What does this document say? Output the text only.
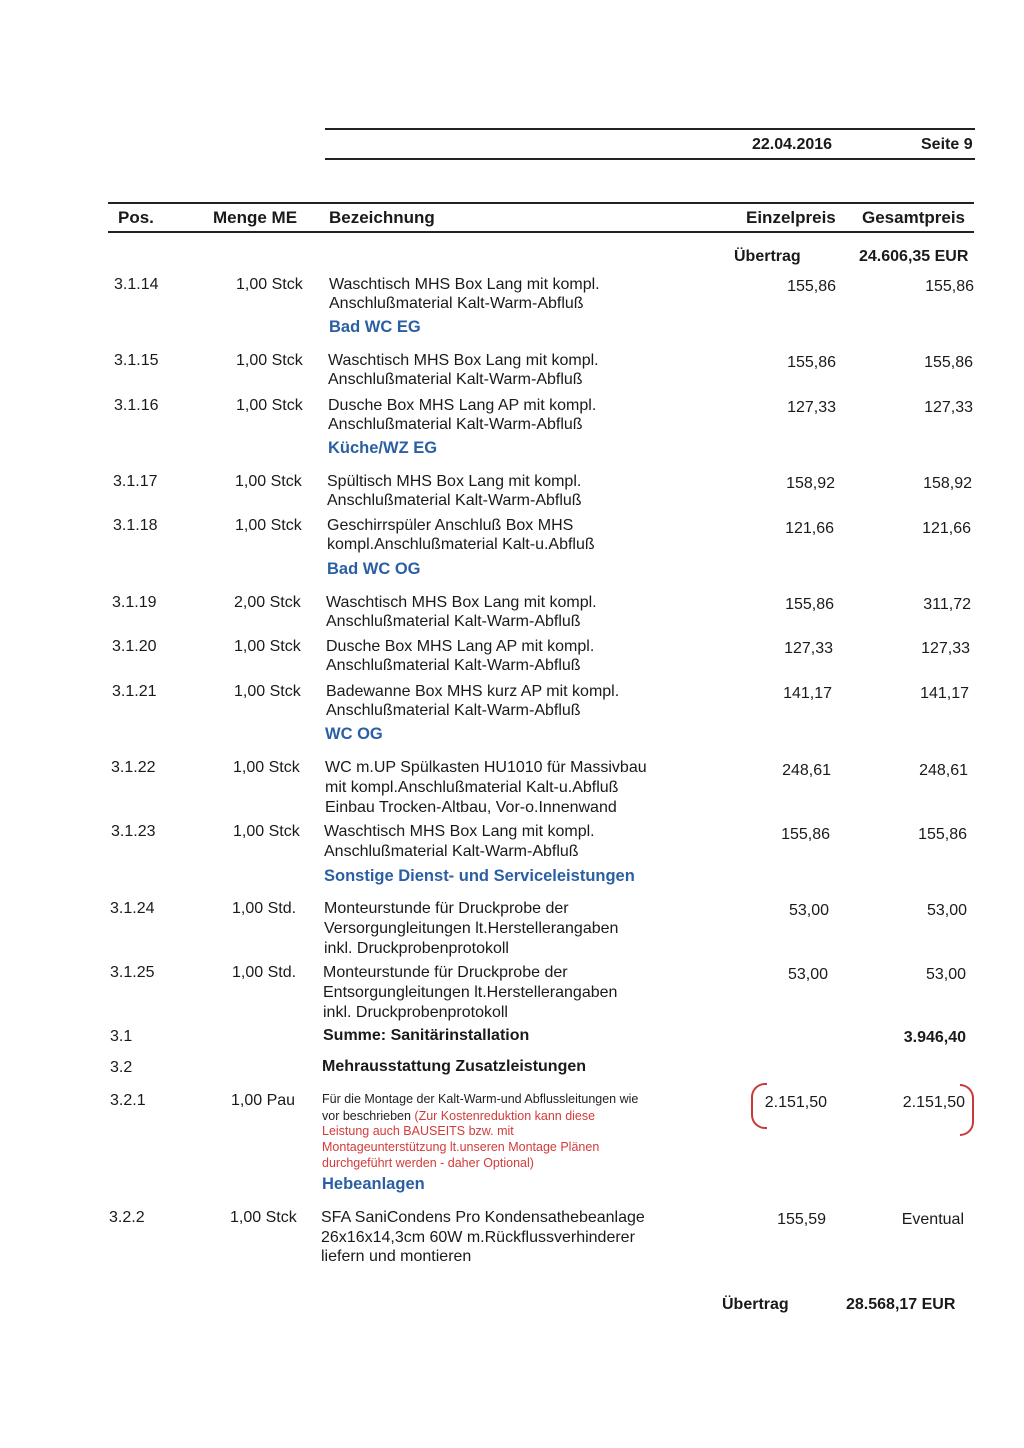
22.04.2016	Seite 9
Pos.	Menge ME Bezeichnung	Einzelpreis Gesamtpreis
Übertrag	24.606,35 EUR
3.1.14	1,00 Stck Waschtisch MHS Box Lang mit kompl.
Anschlußmaterial Kalt-Warm-Abfluß
155,86	155,86
Bad WC EG
3.1.15	1,00 Stck Waschtisch MHS Box Lang mit kompl.
Anschlußmaterial Kalt-Warm-Abfluß
155,86	155,86
3.1.16	1,00 Stck Dusche Box MHS Lang AP mit kompl.
Anschlußmaterial Kalt-Warm-Abfluß
127,33	127,33
Küche/WZ EG
3.1.17	1,00 Stck Spültisch MHS Box Lang mit kompl.
Anschlußmaterial Kalt-Warm-Abfluß
158,92	158,92
3.1.18	1,00 Stck Geschirrspüler Anschluß Box MHS
kompl.Anschlußmaterial Kalt-u.Abfluß
121,66	121,66
Bad WC OG
3.1.19	2,00 Stck Waschtisch MHS Box Lang mit kompl.
Anschlußmaterial Kalt-Warm-Abfluß
155,86	311,72
3.1.20	1,00 Stck Dusche Box MHS Lang AP mit kompl.
Anschlußmaterial Kalt-Warm-Abfluß
127,33	127,33
3.1.21	1,00 Stck Badewanne Box MHS kurz AP mit kompl.
Anschlußmaterial Kalt-Warm-Abfluß
141,17	141,17
WC OG
3.1.22	1,00 Stck WC m.UP Spülkasten HU1010 für Massivbau
mit kompl.Anschlußmaterial Kalt-u.Abfluß
Einbau Trocken-Altbau, Vor-o.Innenwand
248,61	248,61
3.1.23	1,00 Stck Waschtisch MHS Box Lang mit kompl.
Anschlußmaterial Kalt-Warm-Abfluß
155,86	155,86
Sonstige Dienst- und Serviceleistungen
3.1.24	1,00 Std. Monteurstunde für Druckprobe der
Versorgungleitungen lt.Herstellerangaben
inkl. Druckprobenprotokoll
53,00	53,00
3.1.25	1,00 Std. Monteurstunde für Druckprobe der
Entsorgungleitungen lt.Herstellerangaben
inkl. Druckprobenprotokoll
53,00	53,00
3.1	Summe: Sanitärinstallation	3.946,40
3.2	Mehrausstattung Zusatzleistungen
3.2.1	1,00 Pau Für die Montage der Kalt-Warm-und Abflussleitungen wie
vor beschrieben (Zur Kostenreduktion kann diese
Leistung auch BAUSEITS bzw. mit
Montageunterstützung lt.unseren Montage Plänen
durchgeführt werden - daher Optional)
2.151,50	2.151,50
Hebeanlagen
3.2.2	1,00 Stck SFA SaniCondens Pro Kondensathebeanlage
26x16x14,3cm 60W m.Rückflussverhinderer
liefern und montieren
155,59	Eventual
Übertrag	28.568,17 EUR
